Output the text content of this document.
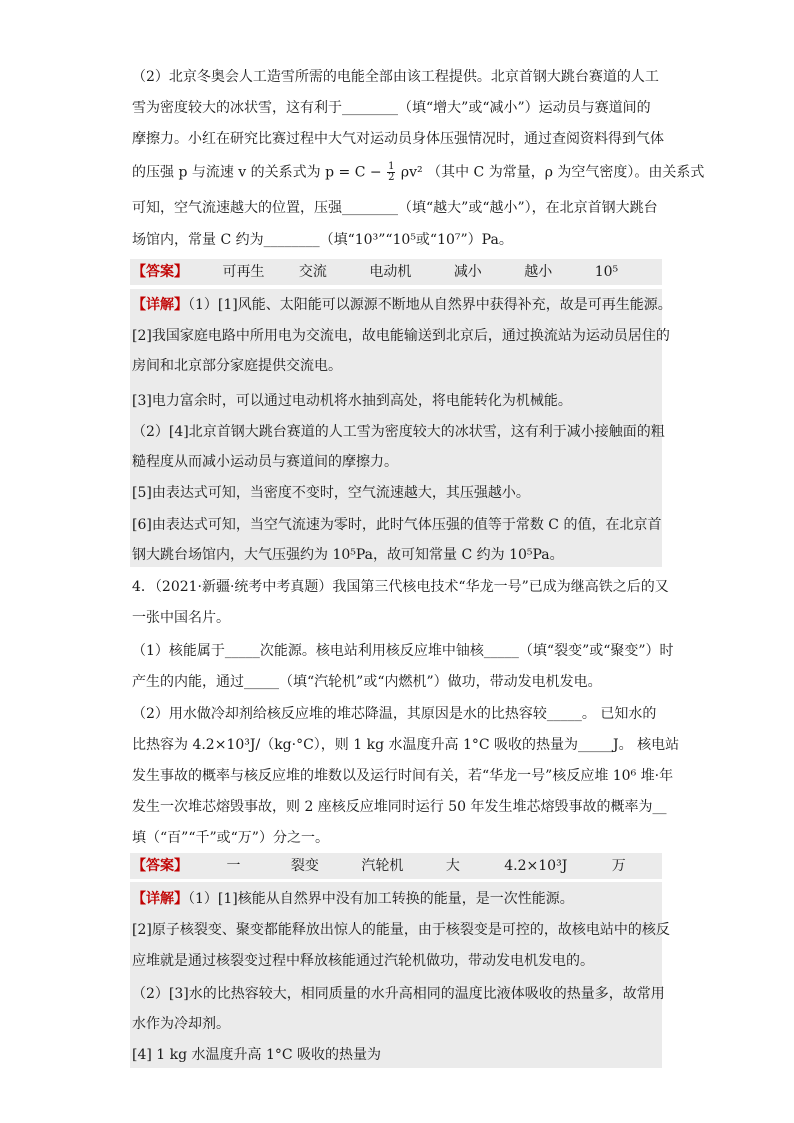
（2）北京冬奥会人工造雪所需的电能全部由该工程提供。北京首钢大跳台赛道的人工
雪为密度较大的冰状雪，这有利于________（填“增大”或“减小”）运动员与赛道间的
摩擦力。小红在研究比赛过程中大气对运动员身体压强情况时，通过查阅资料得到气体
的压强 p 与流速 v 的关系式为 $p = C - \frac{1}{2} \rho v^2$ （其中 C 为常量，ρ 为空气密度）。由关系式
可知，空气流速越大的位置，压强________（填“越大”或“越小”），在北京首钢大跳台
场馆内，常量 C 约为________（填“10³”“10⁵或“10⁷”）Pa。
【答案】 可再生 交流	电动机	减小	越小	10⁵
【详解】（1）[1]风能、太阳能可以源源不断地从自然界中获得补充，故是可再生能源。
[2]我国家庭电路中所用电为交流电，故电能输送到北京后，通过换流站为运动员居住的
房间和北京部分家庭提供交流电。
[3]电力富余时，可以通过电动机将水抽到高处，将电能转化为机械能。
（2）[4]北京首钢大跳台赛道的人工雪为密度较大的冰状雪，这有利于减小接触面的粗
糙程度从而减小运动员与赛道间的摩擦力。
[5]由表达式可知，当密度不变时，空气流速越大，其压强越小。
[6]由表达式可知，当空气流速为零时，此时气体压强的值等于常数 C 的值，在北京首
钢大跳台场馆内，大气压强约为 10⁵Pa，故可知常量 C 约为 10⁵Pa。
4．（2021·新疆·统考中考真题）我国第三代核电技术“华龙一号”已成为继高铁之后的又
一张中国名片。
（1）核能属于_____次能源。核电站利用核反应堆中铀核_____（填“裂变”或“聚变”）时
产生的内能，通过_____（填“汽轮机”或“内燃机”）做功，带动发电机发电。
（2）用水做冷却剂给核反应堆的堆芯降温，其原因是水的比热容较_____。 已知水的
比热容为 4.2×10³J/（kg·°C），则 1 kg 水温度升高 1°C 吸收的热量为_____J。 核电站
发生事故的概率与核反应堆的堆数以及运行时间有关，若“华龙一号”核反应堆 10⁶ 堆·年
发生一次堆芯熔毁事故，则 2 座核反应堆同时运行 50 年发生堆芯熔毁事故的概率为__
填（“百”“千”或“万”）分之一。
【答案】	一	裂变	汽轮机	大	4.2×10³J	万
【详解】（1）[1]核能从自然界中没有加工转换的能量，是一次性能源。
[2]原子核裂变、聚变都能释放出惊人的能量，由于核裂变是可控的，故核电站中的核反
应堆就是通过核裂变过程中释放核能通过汽轮机做功，带动发电机发电的。
（2）[3]水的比热容较大，相同质量的水升高相同的温度比液体吸收的热量多，故常用
水作为冷却剂。
[4] 1 kg 水温度升高 1°C 吸收的热量为
